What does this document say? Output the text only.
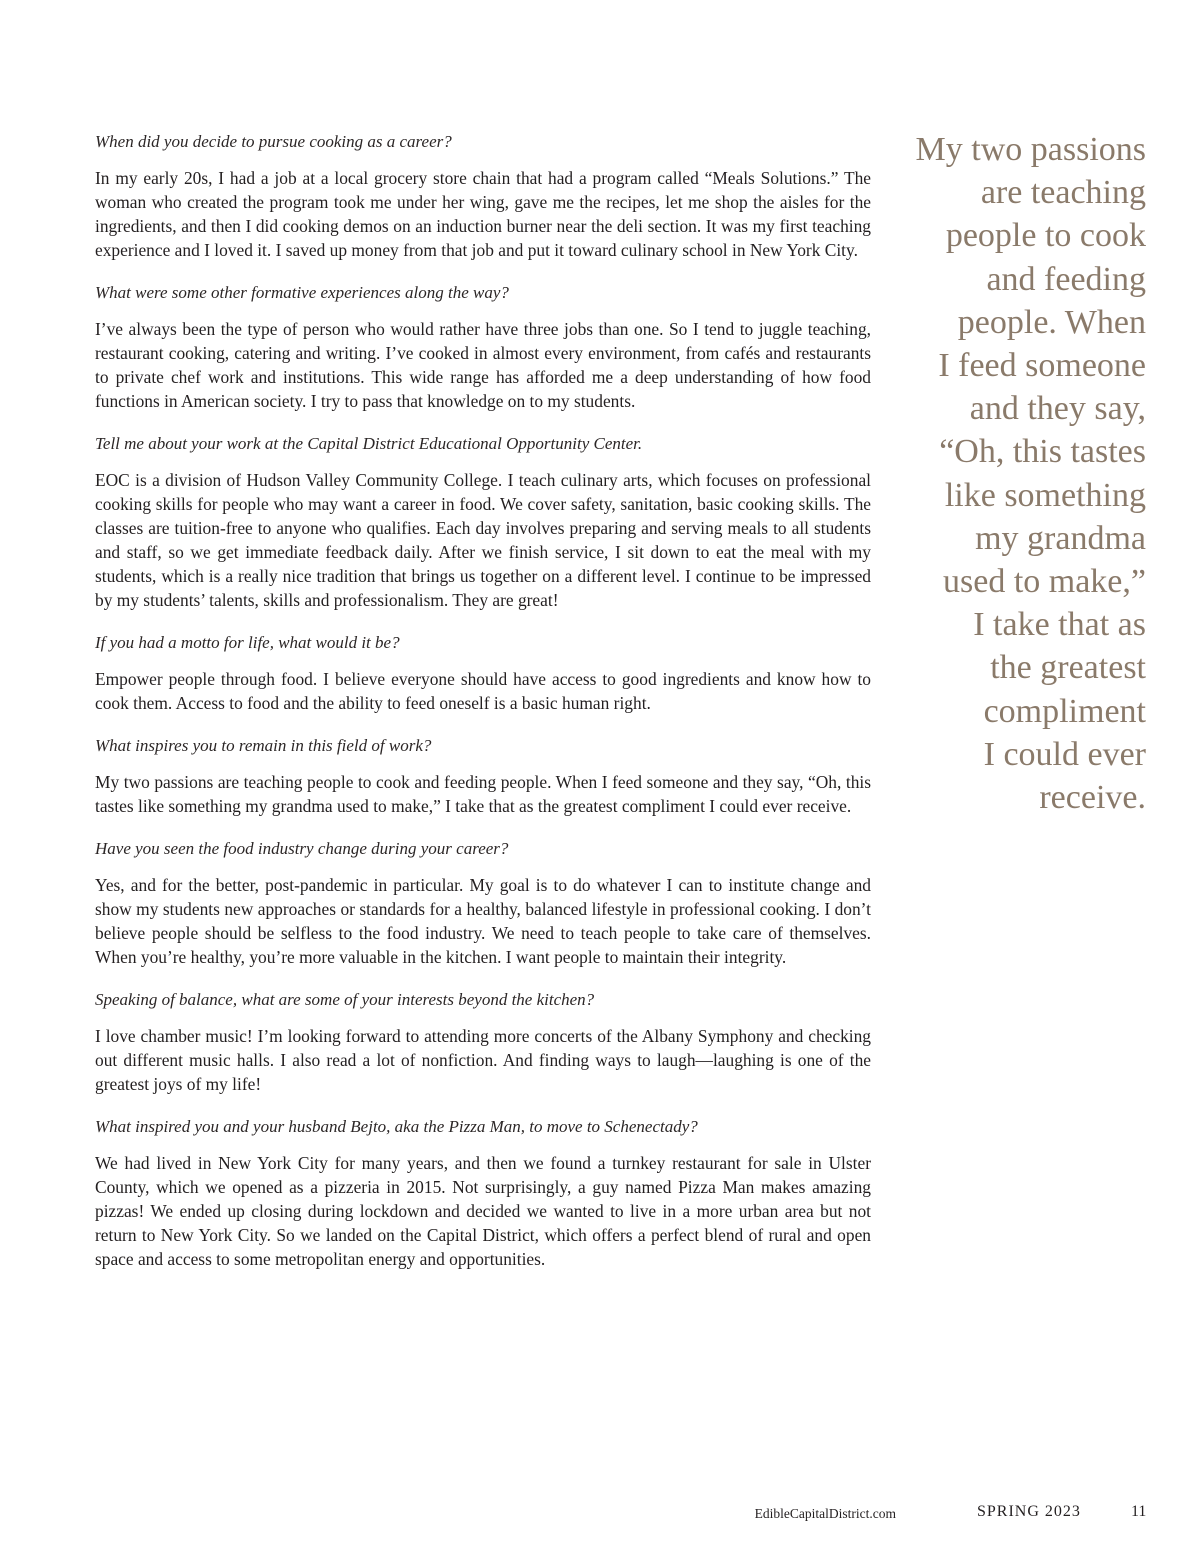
When did you decide to pursue cooking as a career?

In my early 20s, I had a job at a local grocery store chain that had a program called “Meals Solutions.” The woman who created the program took me under her wing, gave me the recipes, let me shop the aisles for the ingredients, and then I did cooking demos on an induction burner near the deli section. It was my first teaching experience and I loved it. I saved up money from that job and put it toward culinary school in New York City.

What were some other formative experiences along the way?

I’ve always been the type of person who would rather have three jobs than one. So I tend to juggle teaching, restaurant cooking, catering and writing. I’ve cooked in almost every environment, from cafés and restaurants to private chef work and institutions. This wide range has afforded me a deep understanding of how food functions in American society. I try to pass that knowledge on to my students.

Tell me about your work at the Capital District Educational Opportunity Center.

EOC is a division of Hudson Valley Community College. I teach culinary arts, which focuses on professional cooking skills for people who may want a career in food. We cover safety, sanitation, basic cooking skills. The classes are tuition-free to anyone who qualifies. Each day involves preparing and serving meals to all students and staff, so we get immediate feedback daily. After we finish service, I sit down to eat the meal with my students, which is a really nice tradition that brings us together on a different level. I continue to be impressed by my students’ talents, skills and professionalism. They are great!

If you had a motto for life, what would it be?

Empower people through food. I believe everyone should have access to good ingredients and know how to cook them. Access to food and the ability to feed oneself is a basic human right.

What inspires you to remain in this field of work?

My two passions are teaching people to cook and feeding people. When I feed someone and they say, “Oh, this tastes like something my grandma used to make,” I take that as the greatest compliment I could ever receive.

Have you seen the food industry change during your career?

Yes, and for the better, post-pandemic in particular. My goal is to do whatever I can to institute change and show my students new approaches or standards for a healthy, balanced lifestyle in professional cooking. I don’t believe people should be selfless to the food industry. We need to teach people to take care of themselves. When you’re healthy, you’re more valuable in the kitchen. I want people to maintain their integrity.

Speaking of balance, what are some of your interests beyond the kitchen?

I love chamber music! I’m looking forward to attending more concerts of the Albany Symphony and checking out different music halls. I also read a lot of nonfiction. And finding ways to laugh—laughing is one of the greatest joys of my life!

What inspired you and your husband Bejto, aka the Pizza Man, to move to Schenectady?

We had lived in New York City for many years, and then we found a turnkey restaurant for sale in Ulster County, which we opened as a pizzeria in 2015. Not surprisingly, a guy named Pizza Man makes amazing pizzas! We ended up closing during lockdown and decided we wanted to live in a more urban area but not return to New York City. So we landed on the Capital District, which offers a perfect blend of rural and open space and access to some metropolitan energy and opportunities.

My two passions
are teaching
people to cook
and feeding
people. When
I feed someone
and they say,
“Oh, this tastes
like something
my grandma
used to make,”
I take that as
the greatest
compliment
I could ever
receive.
EdibleCapitalDistrict.com	SPRING 2023	11
